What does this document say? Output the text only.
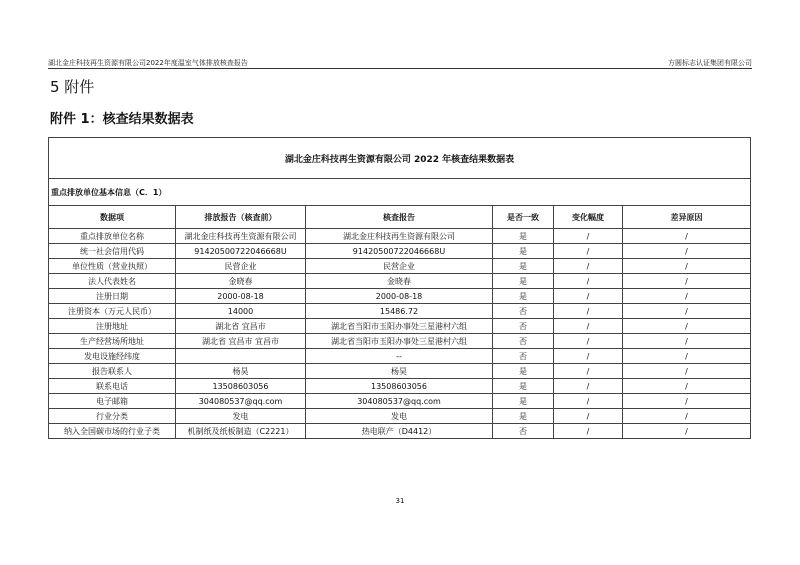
湖北金庄科技再生资源有限公司2022年度温室气体排放核查报告	方圆标志认证集团有限公司
5 附件
附件 1：核查结果数据表
湖北金庄科技再生资源有限公司 2022 年核查结果数据表					
重点排放单位基本信息（C．1）					
数据项	排放报告（核查前）	核查报告	是否一致	变化幅度	差异原因
重点排放单位名称	湖北金庄科技再生资源有限公司	湖北金庄科技再生资源有限公司	是	/	/
统一社会信用代码	91420500722046668U	91420500722046668U	是	/	/
单位性质（营业执照）	民营企业	民营企业	是	/	/
法人代表姓名	金晓春	金晓春	是	/	/
注册日期	2000-08-18	2000-08-18	是	/	/
注册资本（万元人民币）	14000	15486.72	否	/	/
注册地址	湖北省 宜昌市	湖北省当阳市玉阳办事处三星港村六组	否	/	/
生产经营场所地址	湖北省 宜昌市 宜昌市	湖北省当阳市玉阳办事处三星港村六组	否	/	/
发电设施经纬度		--	否	/	/
报告联系人	杨昊	杨昊	是	/	/
联系电话	13508603056	13508603056	是	/	/
电子邮箱	304080537@qq.com	304080537@qq.com	是	/	/
行业分类	发电	发电	是	/	/
纳入全国碳市场的行业子类	机制纸及纸板制造（C2221）	热电联产（D4412）	否	/	/
31
